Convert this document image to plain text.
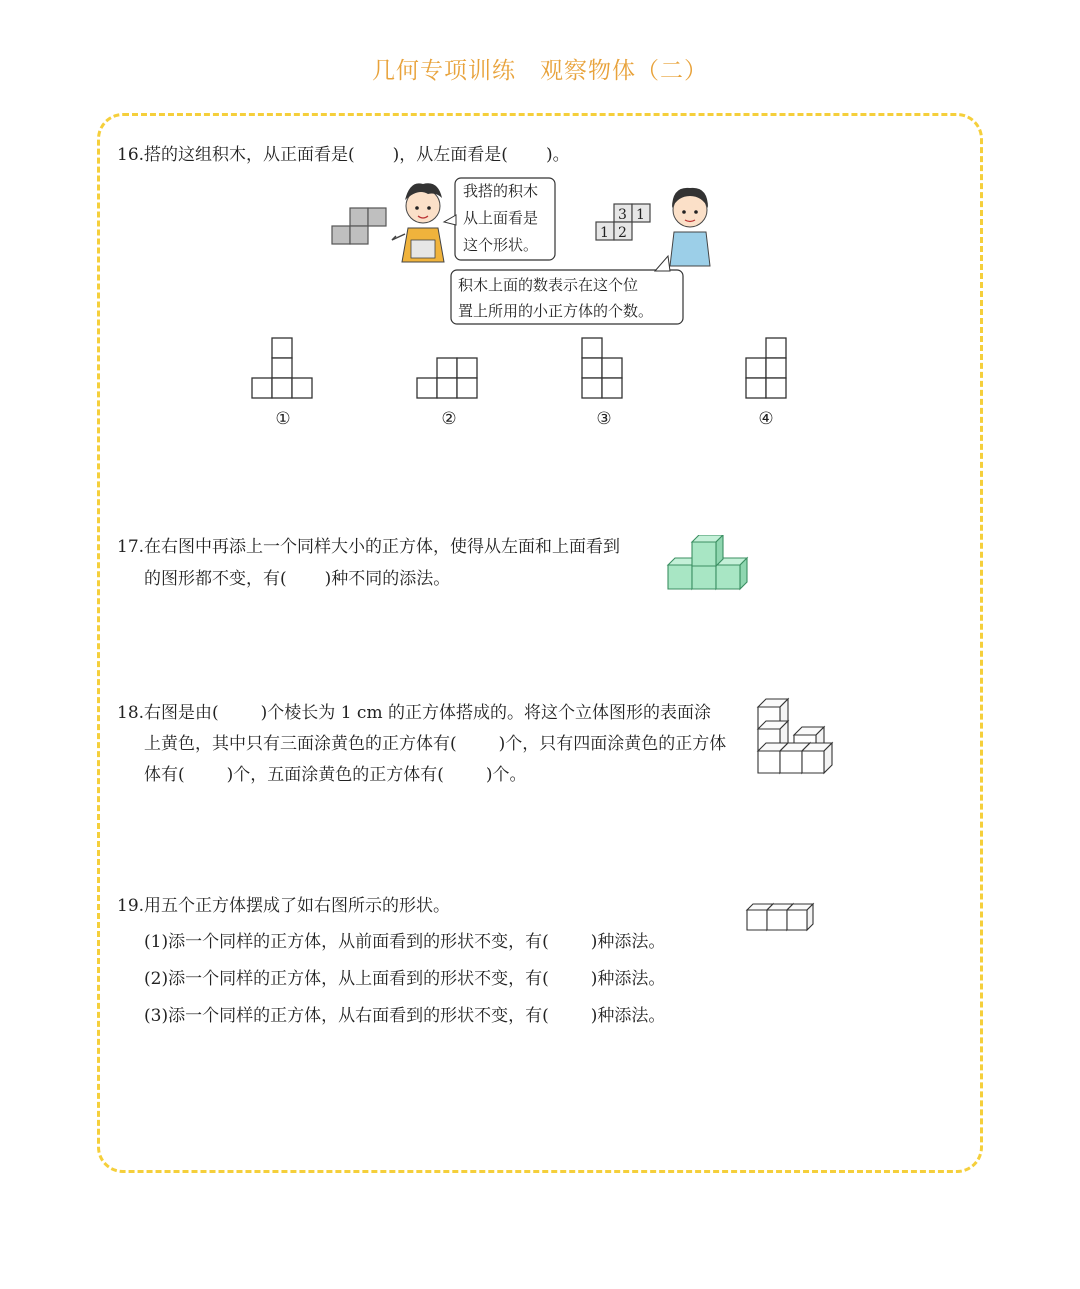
几何专项训练　观察物体（二）
16.搭的这组积木，从正面看是( )，从左面看是( )。
我搭的积木
从上面看是
这个形状。
3 1
1 2
积木上面的数表示在这个位
置上所用的小正方体的个数。
①	②	③	④
17.在右图中再添上一个同样大小的正方体，使得从左面和上面看到
的图形都不变，有( )种不同的添法。
18.右图是由( )个棱长为 1 cm 的正方体搭成的。将这个立体图形的表面涂
上黄色，其中只有三面涂黄色的正方体有( )个，只有四面涂黄色的正方体
体有( )个，五面涂黄色的正方体有( )个。
19.用五个正方体摆成了如右图所示的形状。
(1)添一个同样的正方体，从前面看到的形状不变，有( )种添法。
(2)添一个同样的正方体，从上面看到的形状不变，有( )种添法。
(3)添一个同样的正方体，从右面看到的形状不变，有( )种添法。
